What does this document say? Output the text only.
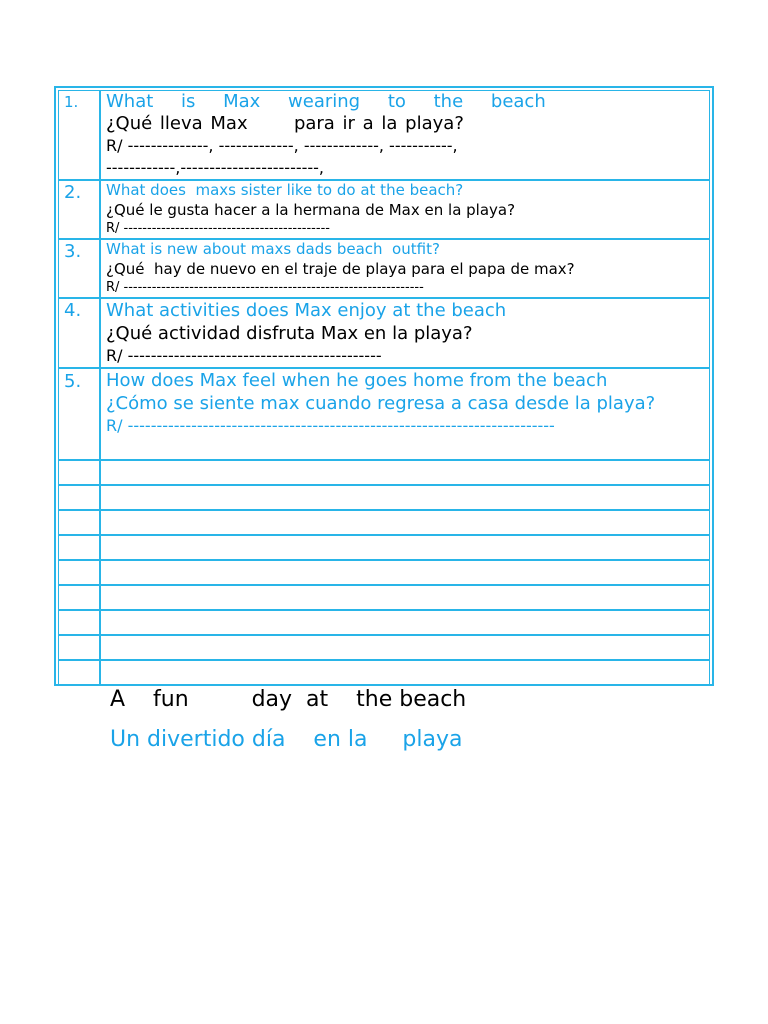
1.	What is Max wearing to the beach
¿Qué lleva Max      para ir a la playa?
R/ --------------, -------------, -------------, -----------,
------------,------------------------,

2.	What does  maxs sister like to do at the beach?
¿Qué le gusta hacer a la hermana de Max en la playa?
R/ --------------------------------------------

3.	What is new about maxs dads beach  outfit?
¿Qué  hay de nuevo en el traje de playa para el papa de max?
R/ ----------------------------------------------------------------

4.	What activities does Max enjoy at the beach
¿Qué actividad disfruta Max en la playa?
R/ --------------------------------------------

5.	How does Max feel when he goes home from the beach
¿Cómo se siente max cuando regresa a casa desde la playa?
R/ --------------------------------------------------------------------------

A    fun         day  at    the beach
Un divertido día    en la     playa
